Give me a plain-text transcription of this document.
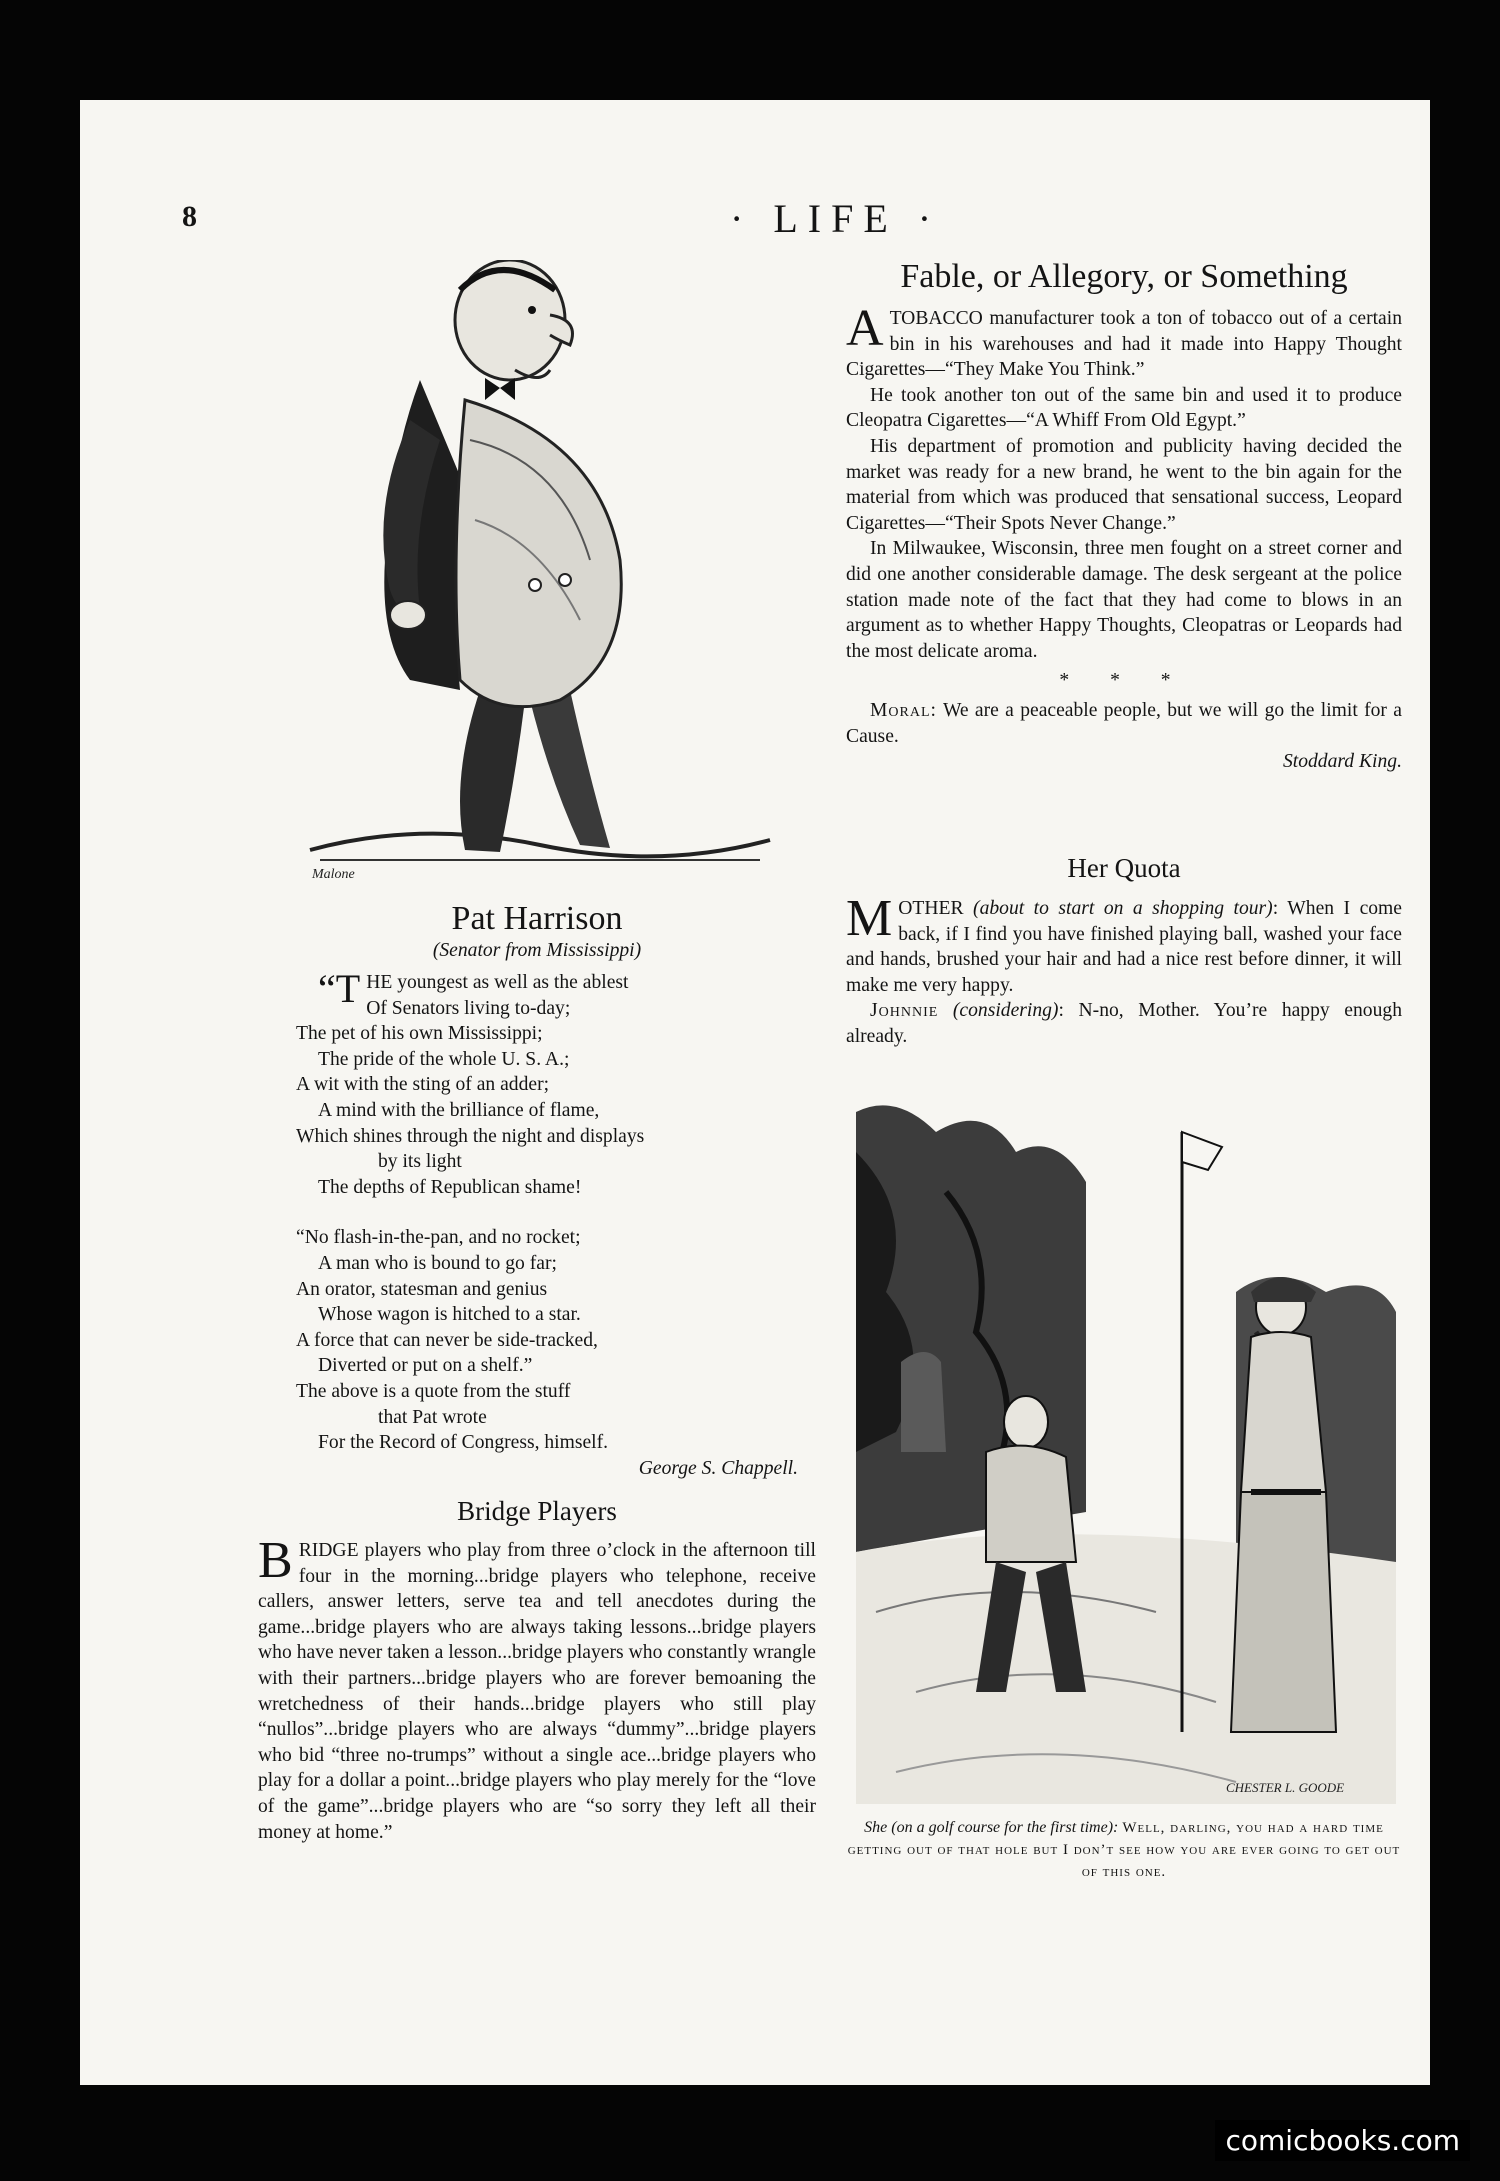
8	· LIFE ·
Malone
Pat Harrison
(Senator from Mississippi)
“THE youngest as well as the ablest
Of Senators living to-day;
The pet of his own Mississippi;
The pride of the whole U. S. A.;
A wit with the sting of an adder;
A mind with the brilliance of flame,
Which shines through the night and displays
by its light
The depths of Republican shame!
“No flash-in-the-pan, and no rocket;
A man who is bound to go far;
An orator, statesman and genius
Whose wagon is hitched to a star.
A force that can never be side-tracked,
Diverted or put on a shelf.”
The above is a quote from the stuff
that Pat wrote
For the Record of Congress, himself.
George S. Chappell.
Bridge Players

BRIDGE players who play from three o’clock in the afternoon till four in the morning...bridge players who telephone, receive callers, answer letters, serve tea and tell anecdotes during the game...bridge players who are always taking lessons...bridge players who have never taken a lesson...bridge players who constantly wrangle with their partners...bridge players who are forever bemoaning the wretchedness of their hands...bridge players who still play “nullos”...bridge players who are always “dummy”...bridge players who bid “three no-trumps” without a single ace...bridge players who play for a dollar a point...bridge players who play merely for the “love of the game”...bridge players who are “so sorry they left all their money at home.”

Fable, or Allegory, or Something

ATOBACCO manufacturer took a ton of tobacco out of a certain bin in his warehouses and had it made into Happy Thought Cigarettes—“They Make You Think.”

He took another ton out of the same bin and used it to produce Cleopatra Cigarettes—“A Whiff From Old Egypt.”

His department of promotion and publicity having decided the market was ready for a new brand, he went to the bin again for the material from which was produced that sensational success, Leopard Cigarettes—“Their Spots Never Change.”

In Milwaukee, Wisconsin, three men fought on a street corner and did one another considerable damage. The desk sergeant at the police station made note of the fact that they had come to blows in an argument as to whether Happy Thoughts, Cleopatras or Leopards had the most delicate aroma.

* * *

Moral: We are a peaceable people, but we will go the limit for a Cause.

Stoddard King.
Her Quota

MOTHER (about to start on a shopping tour): When I come back, if I find you have finished playing ball, washed your face and hands, brushed your hair and had a nice rest before dinner, it will make me very happy.

Johnnie (considering): N-no, Mother. You’re happy enough already.

CHESTER L. GOODE
She (on a golf course for the first time): Well, darling, you had a hard time getting out of that hole but I don’t see how you are ever going to get out of this one.
comicbooks.com
